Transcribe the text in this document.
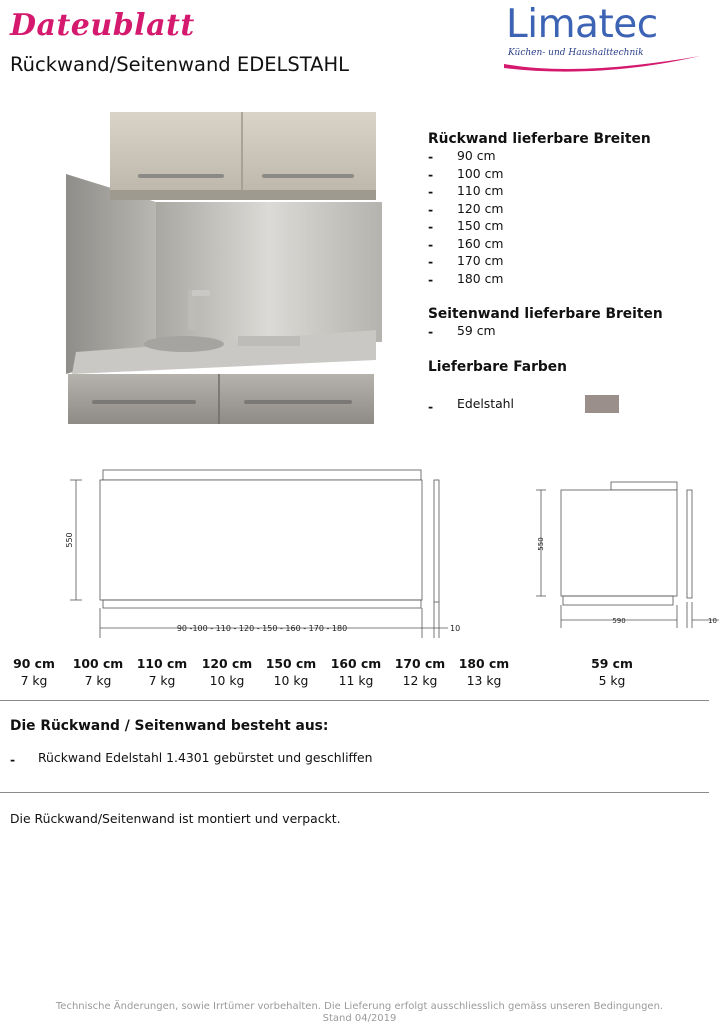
Dateublatt
Rückwand/Seitenwand EDELSTAHL
Limatec
Küchen- und Haushalttechnik
Rückwand lieferbare Breiten
- 90 cm
- 100 cm
- 110 cm
- 120 cm
- 150 cm
- 160 cm
- 170 cm
- 180 cm
Seitenwand lieferbare Breiten
- 59 cm
Lieferbare Farben
- Edelstahl
550
90 -100 - 110 - 120 - 150 - 160 - 170 - 180	10
550
590	10
90 cm
7 kg
100 cm
7 kg
110 cm
7 kg
120 cm
10 kg
150 cm
10 kg
160 cm
11 kg
170 cm
12 kg
180 cm
13 kg
59 cm
5 kg
Die Rückwand / Seitenwand besteht aus:
- Rückwand Edelstahl 1.4301 gebürstet und geschliffen
Die Rückwand/Seitenwand ist montiert und verpackt.
Technische Änderungen, sowie Irrtümer vorbehalten. Die Lieferung erfolgt ausschliesslich gemäss unseren Bedingungen.
Stand 04/2019
